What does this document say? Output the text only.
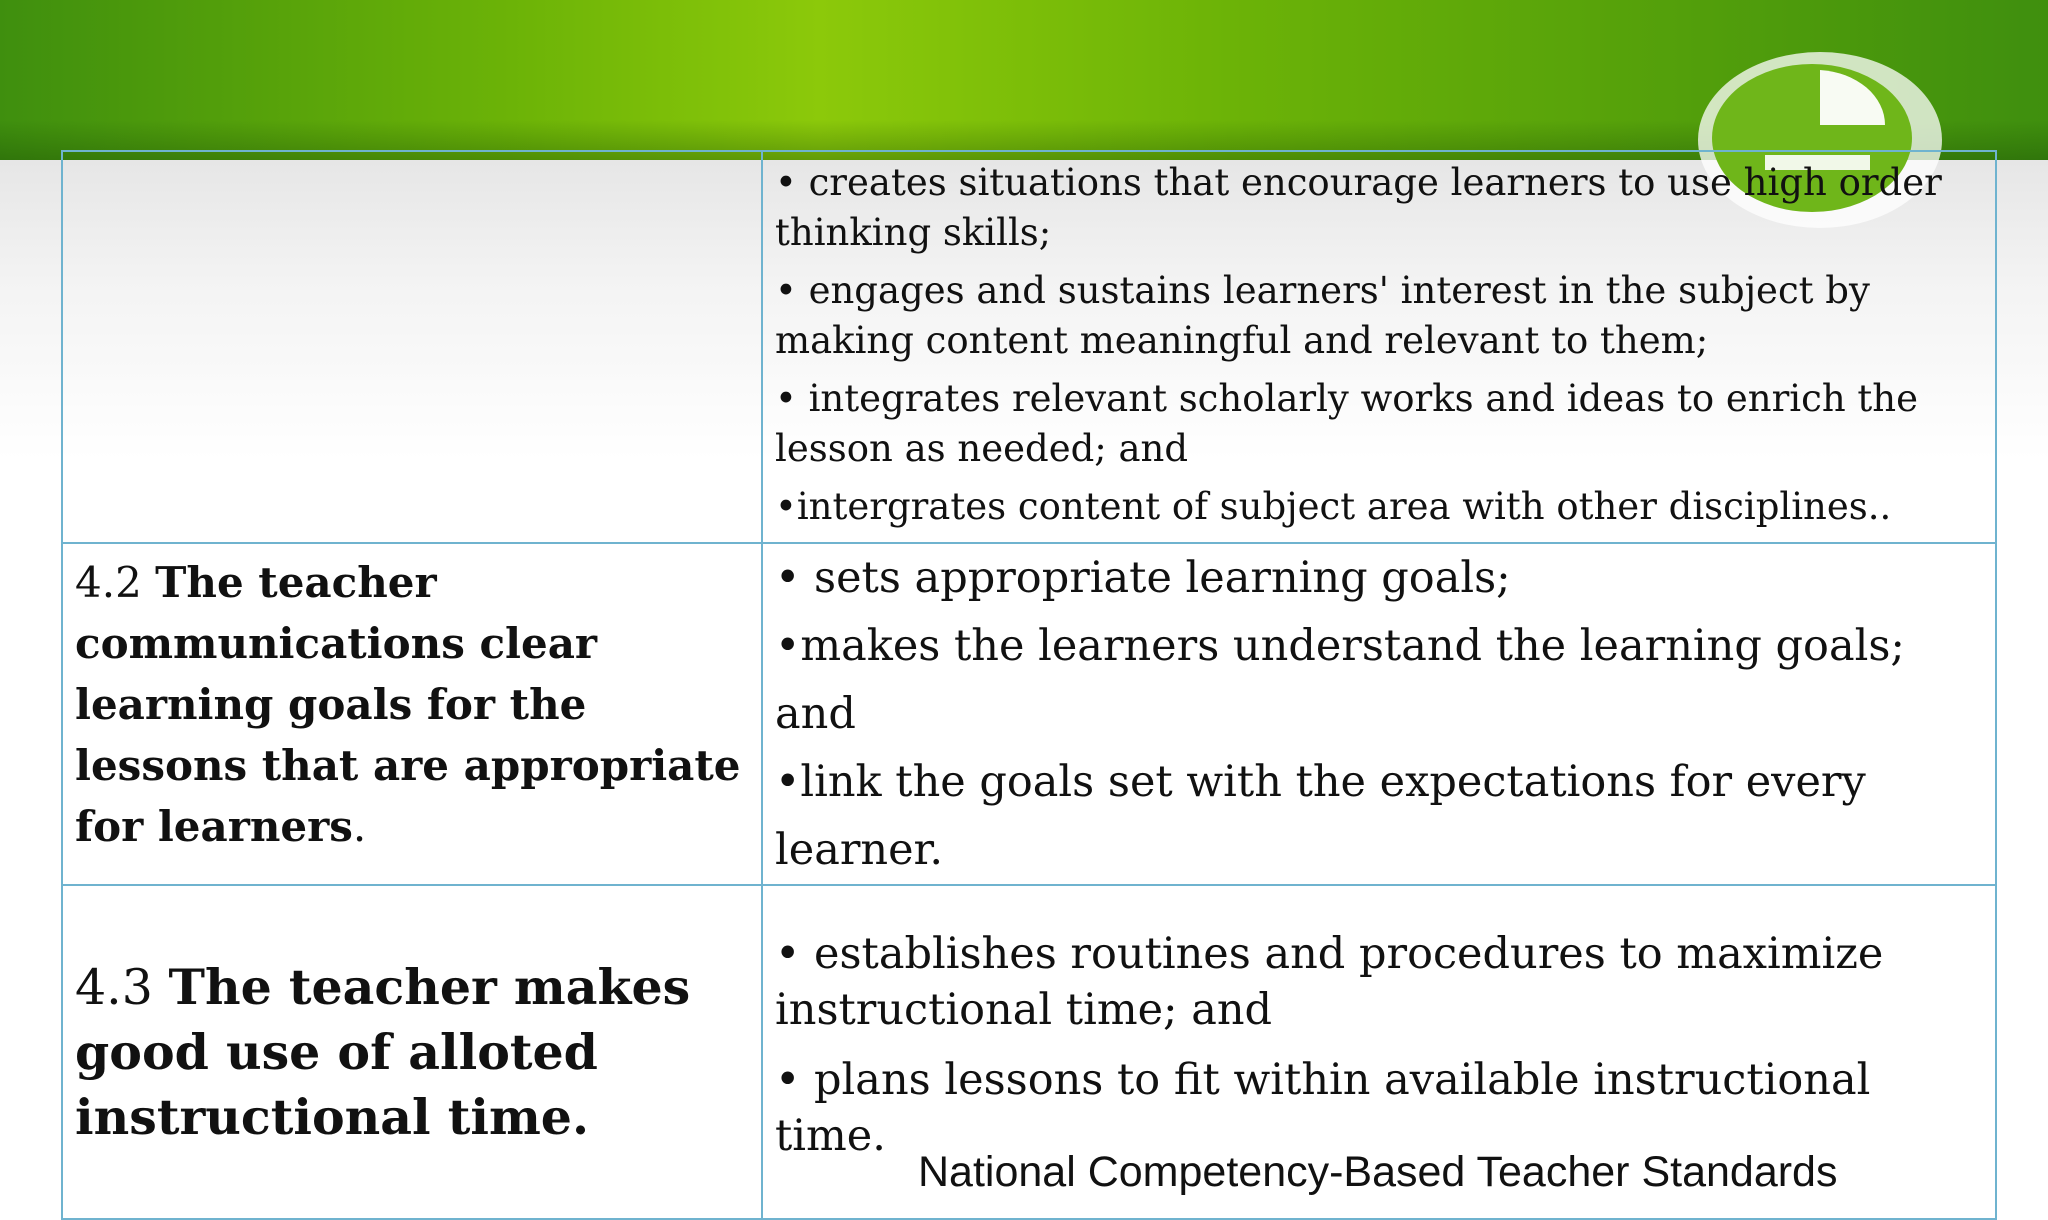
	• creates situations that encourage learners to use high order thinking skills;

• engages and sustains learners' interest in the subject by making content meaningful and relevant to them;

• integrates relevant scholarly works and ideas to enrich the lesson as needed; and

•intergrates content of subject area with other disciplines..

4.2 The teacher communications clear learning goals for the lessons that are appropriate for learners.	• sets appropriate learning goals;

•makes the learners understand the learning goals; and

•link the goals set with the expectations for every learner.

4.3 The teacher makes good use of alloted instructional time.	• establishes routines and procedures to maximize instructional time; and

• plans lessons to fit within available instructional time.

National Competency-Based Teacher Standards
